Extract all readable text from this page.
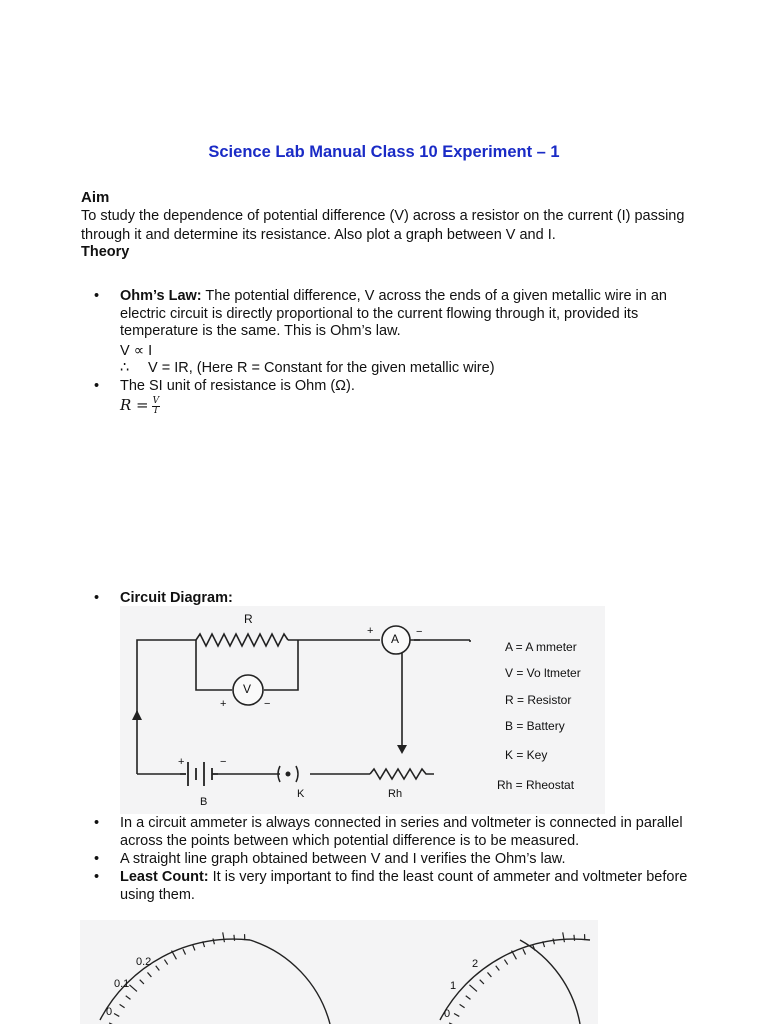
Science Lab Manual Class 10 Experiment – 1
Aim
To study the dependence of potential difference (V) across a resistor on the current (I) passing through it and determine its resistance. Also plot a graph between V and I.
Theory
• Ohm’s Law: The potential difference, V across the ends of a given metallic wire in an electric circuit is directly proportional to the current flowing through it, provided its temperature is the same. This is Ohm’s law.
V ∝ I
∴ V = IR, (Here R = Constant for the given metallic wire)
• The SI unit of resistance is Ohm (Ω).
$R = \frac{V}{I}$
• Circuit Diagram:
R
A
+	−
V
+	−
+	−
B
K	Rh
A = A mmeter
V = Vo ltmeter
R = Resistor
B = Battery
K = Key
Rh = Rheostat
• In a circuit ammeter is always connected in series and voltmeter is connected in parallel across the points between which potential difference is to be measured.
• A straight line graph obtained between V and I verifies the Ohm’s law.
• Least Count: It is very important to find the least count of ammeter and voltmeter before using them.
0.2
0.1
0
2
1
0
